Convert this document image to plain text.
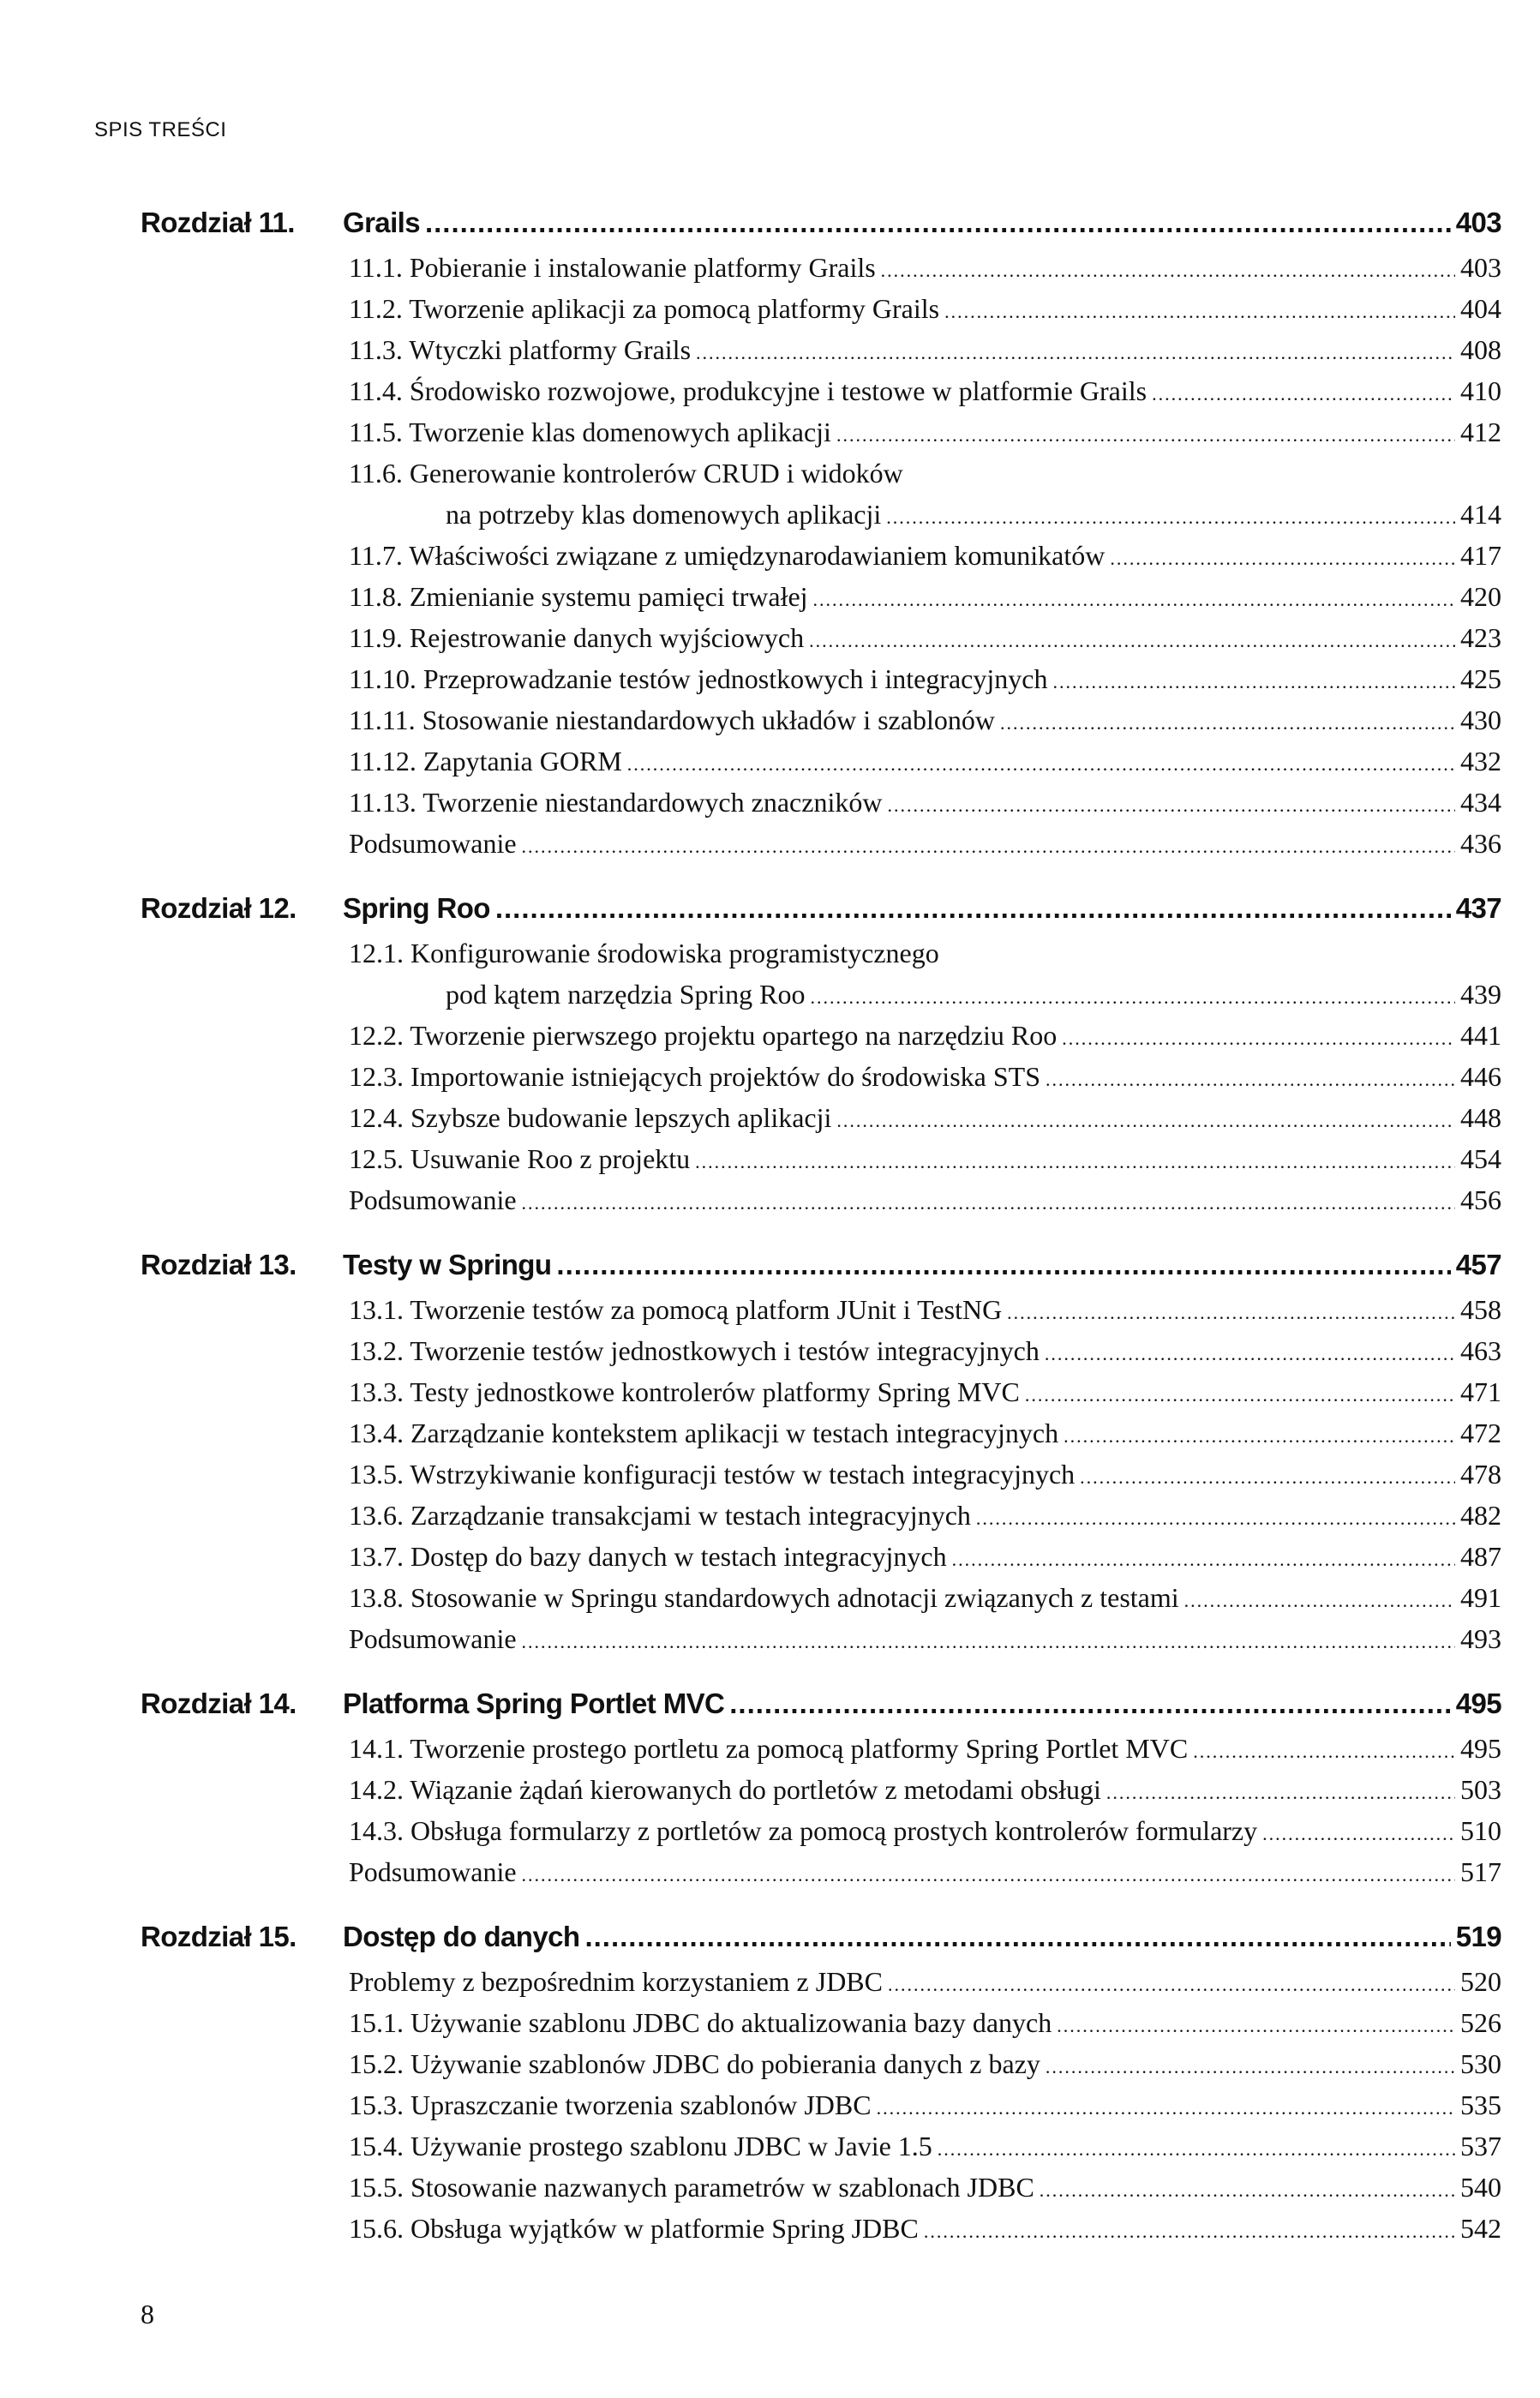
SPIS TREŚCI
Rozdział 11.	Grails .....	403
11.1. Pobieranie i instalowanie platformy Grails .....	403
11.2. Tworzenie aplikacji za pomocą platformy Grails .....	404
11.3. Wtyczki platformy Grails .....	408
11.4. Środowisko rozwojowe, produkcyjne i testowe w platformie Grails .....	410
11.5. Tworzenie klas domenowych aplikacji .....	412
11.6. Generowanie kontrolerów CRUD i widoków
na potrzeby klas domenowych aplikacji .....	414
11.7. Właściwości związane z umiędzynarodawianiem komunikatów .....	417
11.8. Zmienianie systemu pamięci trwałej .....	420
11.9. Rejestrowanie danych wyjściowych .....	423
11.10. Przeprowadzanie testów jednostkowych i integracyjnych .....	425
11.11. Stosowanie niestandardowych układów i szablonów .....	430
11.12. Zapytania GORM .....	432
11.13. Tworzenie niestandardowych znaczników .....	434
Podsumowanie .....	436
Rozdział 12.	Spring Roo .....	437
12.1. Konfigurowanie środowiska programistycznego
pod kątem narzędzia Spring Roo .....	439
12.2. Tworzenie pierwszego projektu opartego na narzędziu Roo .....	441
12.3. Importowanie istniejących projektów do środowiska STS .....	446
12.4. Szybsze budowanie lepszych aplikacji .....	448
12.5. Usuwanie Roo z projektu .....	454
Podsumowanie .....	456
Rozdział 13.	Testy w Springu .....	457
13.1. Tworzenie testów za pomocą platform JUnit i TestNG .....	458
13.2. Tworzenie testów jednostkowych i testów integracyjnych .....	463
13.3. Testy jednostkowe kontrolerów platformy Spring MVC .....	471
13.4. Zarządzanie kontekstem aplikacji w testach integracyjnych .....	472
13.5. Wstrzykiwanie konfiguracji testów w testach integracyjnych .....	478
13.6. Zarządzanie transakcjami w testach integracyjnych .....	482
13.7. Dostęp do bazy danych w testach integracyjnych .....	487
13.8. Stosowanie w Springu standardowych adnotacji związanych z testami .....	491
Podsumowanie .....	493
Rozdział 14.	Platforma Spring Portlet MVC .....	495
14.1. Tworzenie prostego portletu za pomocą platformy Spring Portlet MVC .....	495
14.2. Wiązanie żądań kierowanych do portletów z metodami obsługi .....	503
14.3. Obsługa formularzy z portletów za pomocą prostych kontrolerów formularzy .....	510
Podsumowanie .....	517
Rozdział 15.	Dostęp do danych .....	519
Problemy z bezpośrednim korzystaniem z JDBC .....	520
15.1. Używanie szablonu JDBC do aktualizowania bazy danych .....	526
15.2. Używanie szablonów JDBC do pobierania danych z bazy .....	530
15.3. Upraszczanie tworzenia szablonów JDBC .....	535
15.4. Używanie prostego szablonu JDBC w Javie 1.5 .....	537
15.5. Stosowanie nazwanych parametrów w szablonach JDBC .....	540
15.6. Obsługa wyjątków w platformie Spring JDBC .....	542
8
